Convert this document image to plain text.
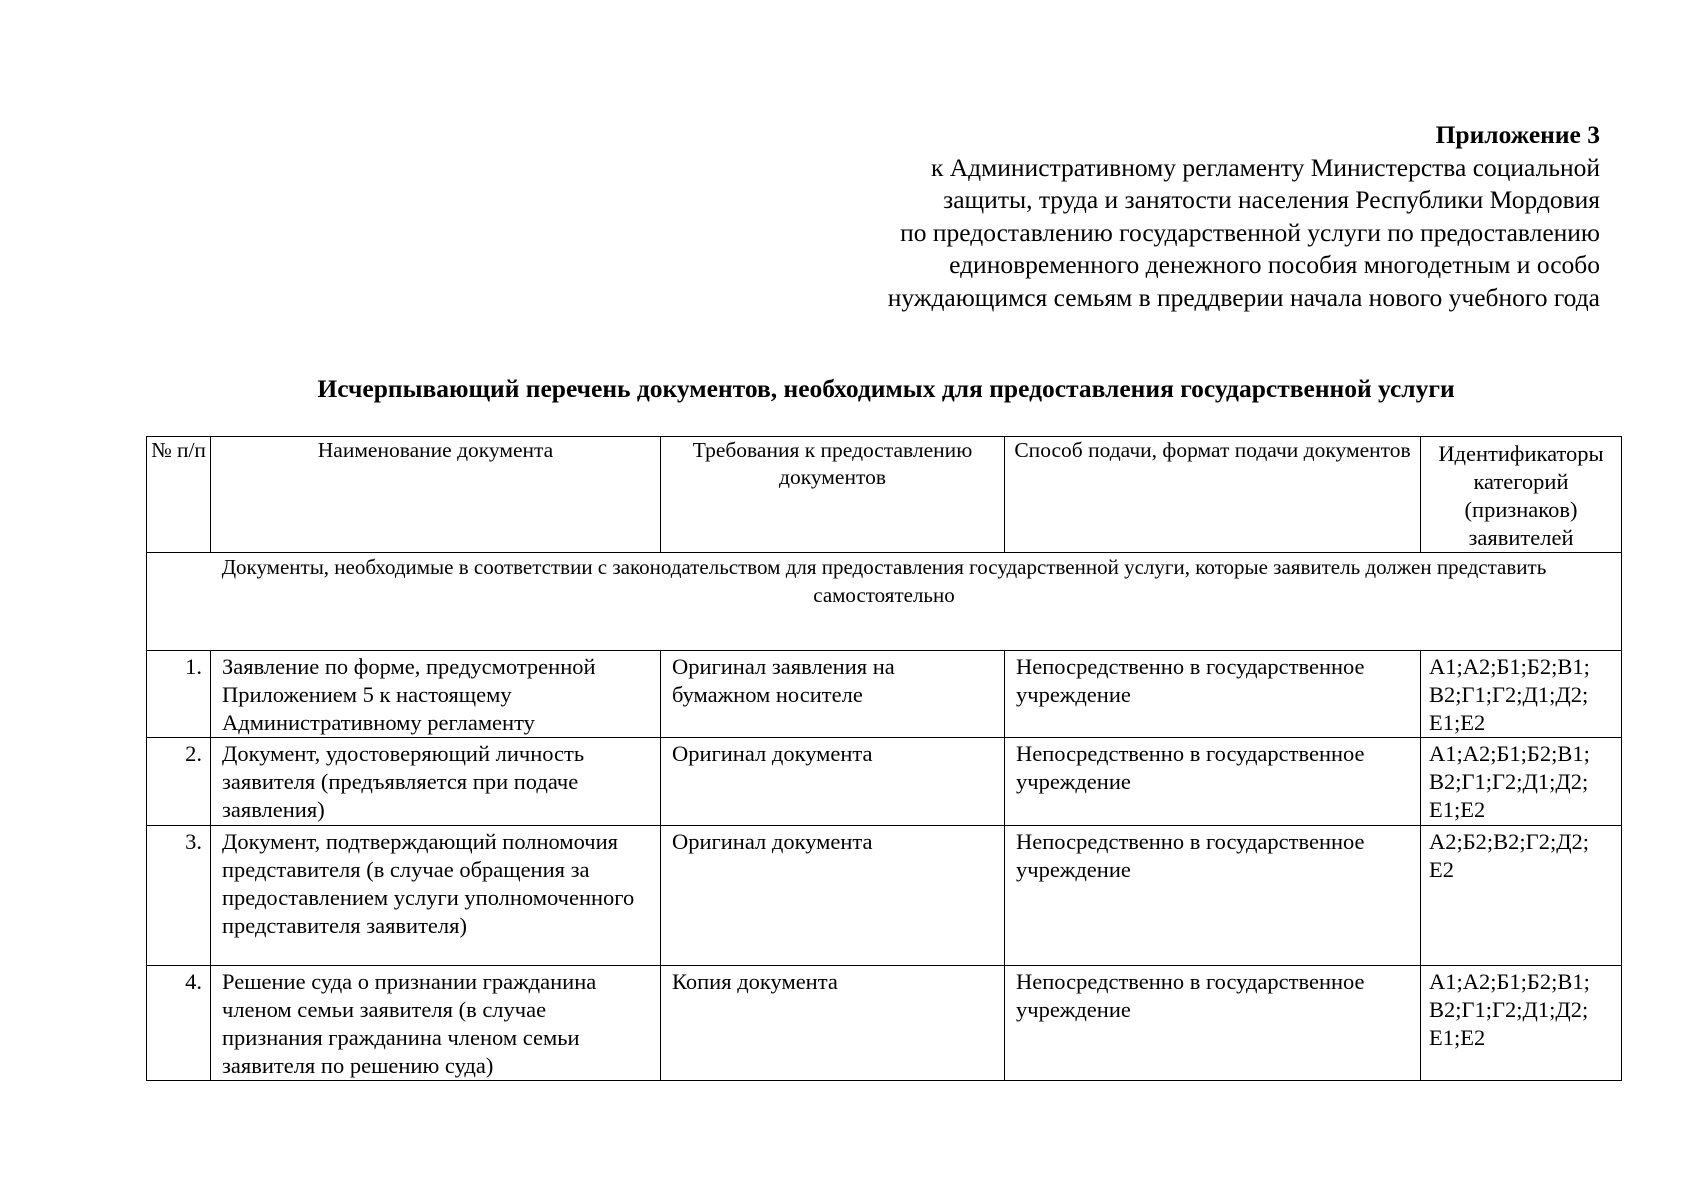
Приложение 3
к Административному регламенту Министерства социальной
защиты, труда и занятости населения Республики Мордовия
по предоставлению государственной услуги по предоставлению
единовременного денежного пособия многодетным и особо
нуждающимся семьям в преддверии начала нового учебного года
Исчерпывающий перечень документов, необходимых для предоставления государственной услуги
№ п/п	Наименование документа	Требования к предоставлению документов	Способ подачи, формат подачи документов	Идентификаторы категорий (признаков) заявителей

Документы, необходимые в соответствии с законодательством для предоставления государственной услуги, которые заявитель должен представить самостоятельно				

1.	Заявление по форме, предусмотренной Приложением 5 к настоящему Административному регламенту	Оригинал заявления на бумажном носителе	Непосредственно в государственное учреждение	А1;А2;Б1;Б2;В1; В2;Г1;Г2;Д1;Д2; Е1;Е2

2.	Документ, удостоверяющий личность заявителя (предъявляется при подаче заявления)	Оригинал документа	Непосредственно в государственное учреждение	А1;А2;Б1;Б2;В1; В2;Г1;Г2;Д1;Д2; Е1;Е2

3.	Документ, подтверждающий полномочия представителя (в случае обращения за предоставлением услуги уполномоченного представителя заявителя)	Оригинал документа	Непосредственно в государственное учреждение	А2;Б2;В2;Г2;Д2; Е2

4.	Решение суда о признании гражданина членом семьи заявителя (в случае признания гражданина членом семьи заявителя по решению суда)	Копия документа	Непосредственно в государственное учреждение	А1;А2;Б1;Б2;В1; В2;Г1;Г2;Д1;Д2; Е1;Е2
